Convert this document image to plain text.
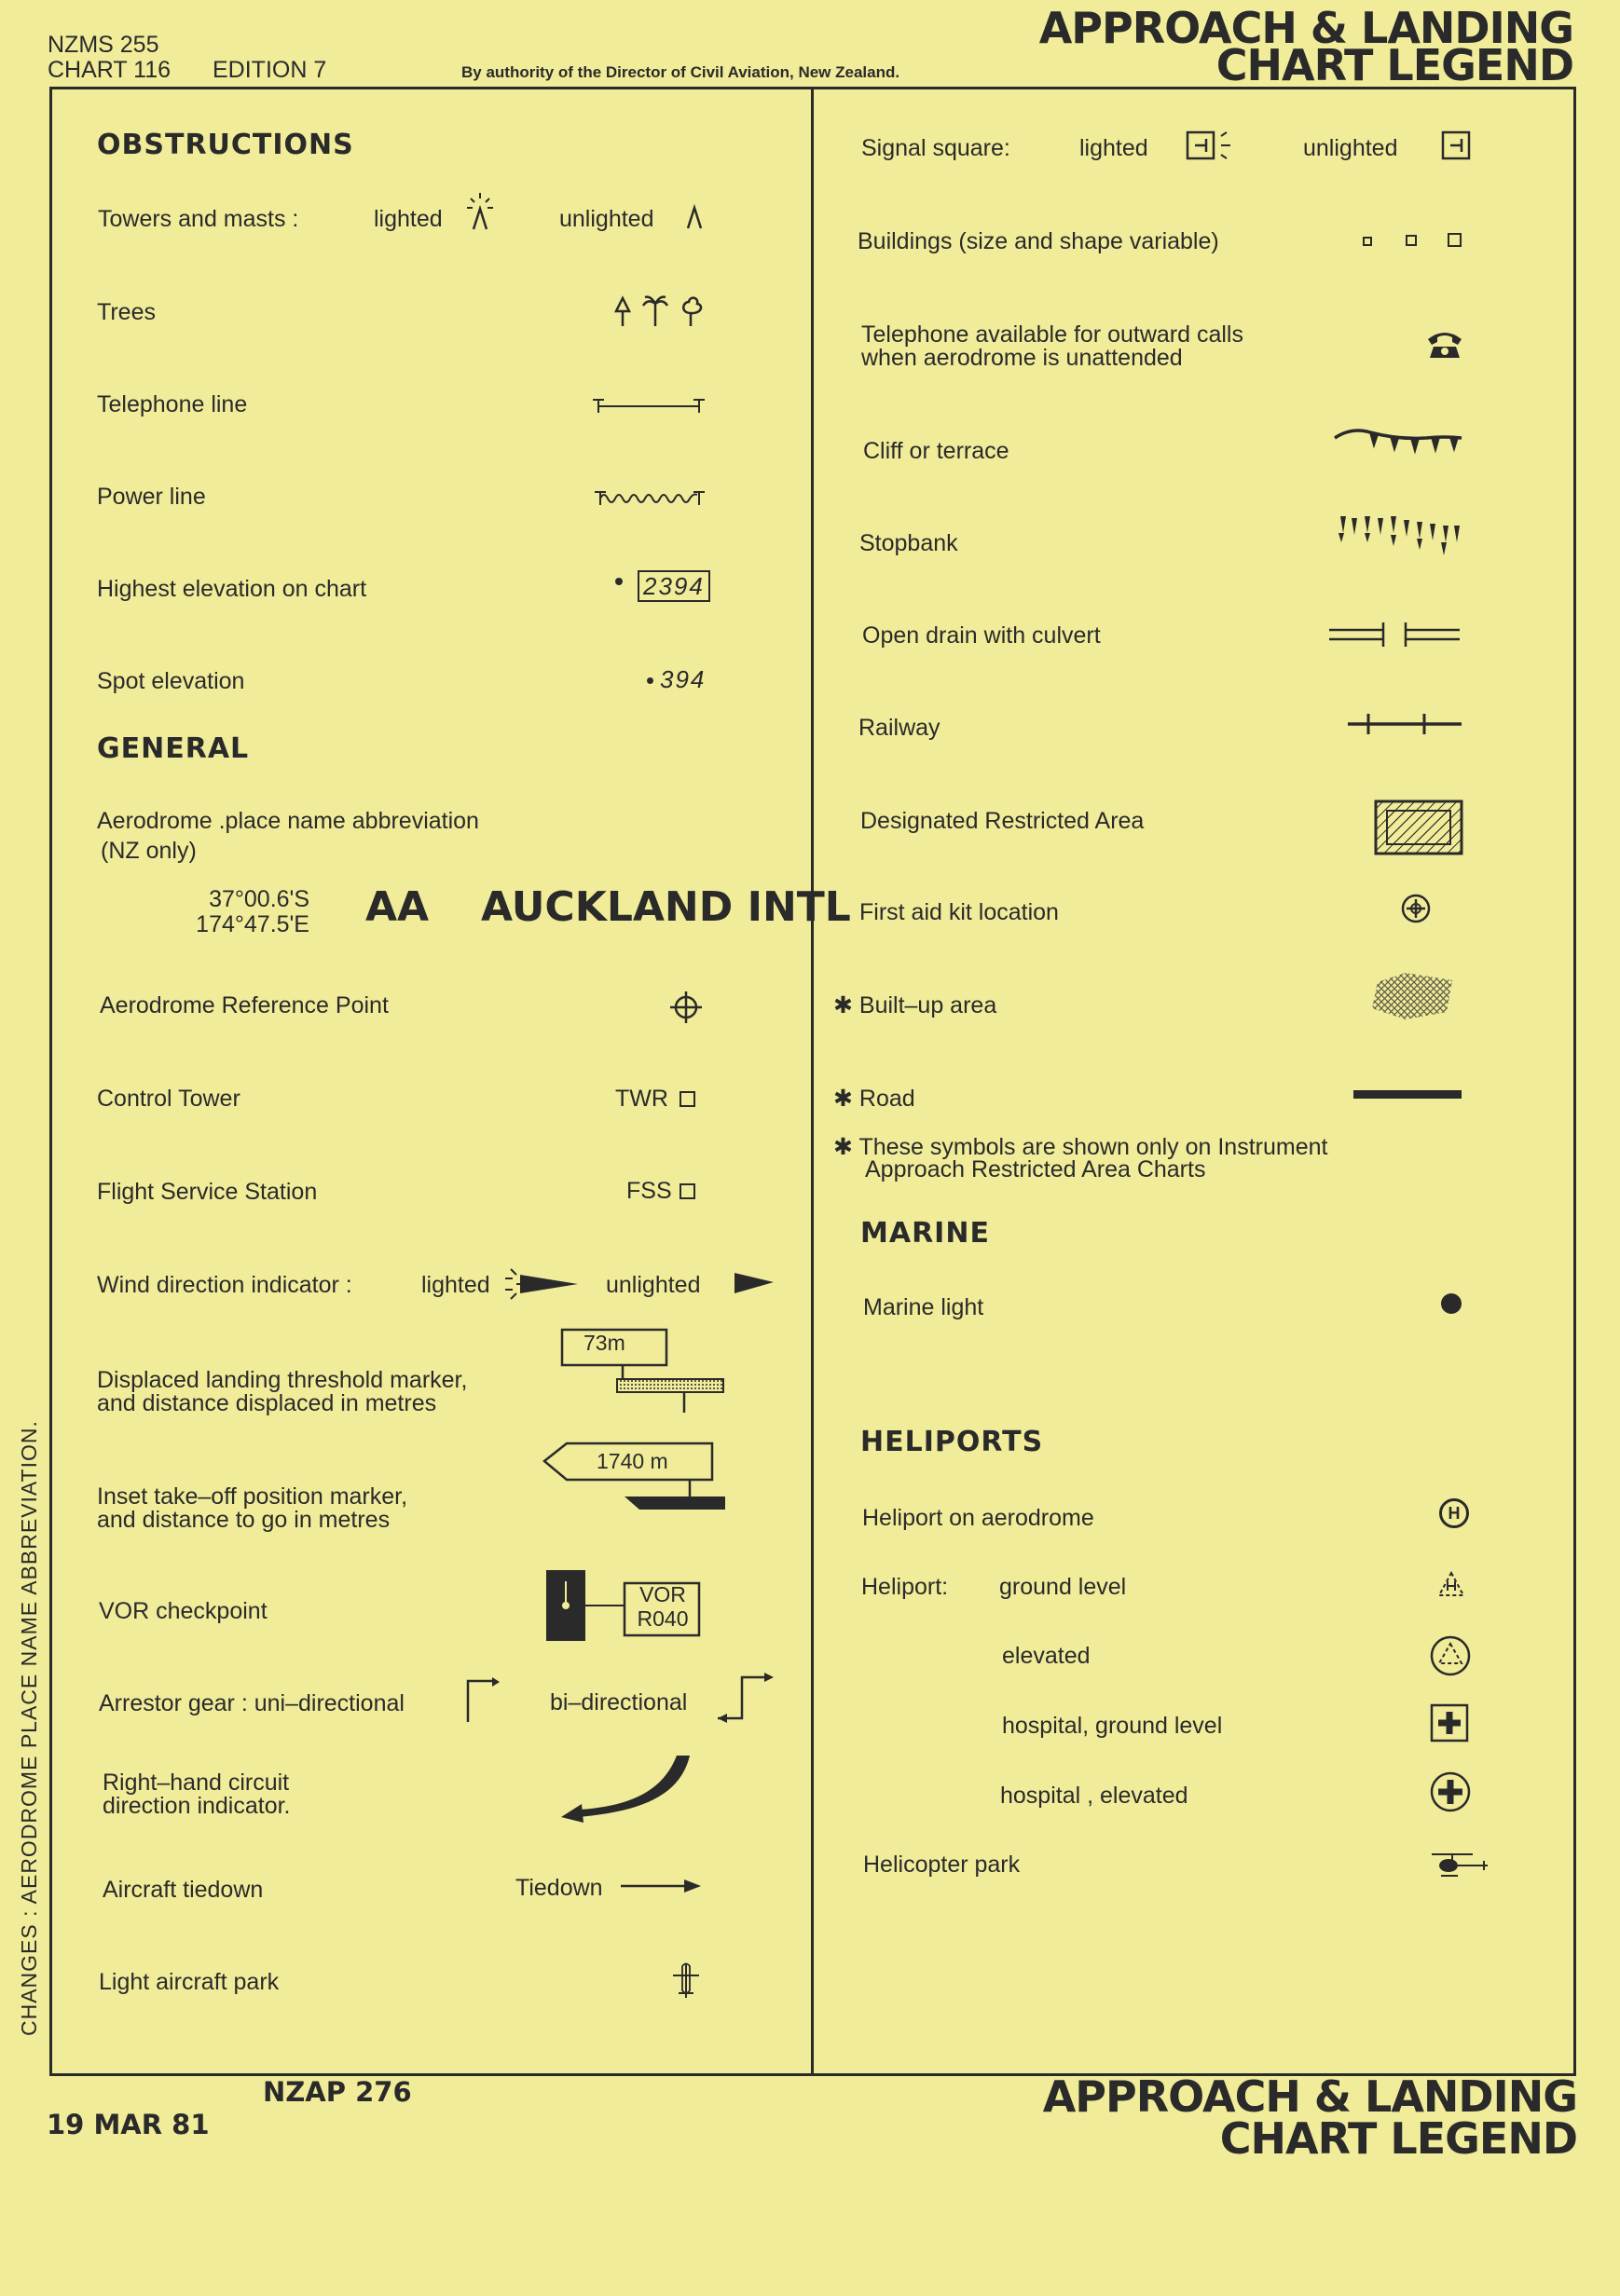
NZMS 255
CHART 116 EDITION 7	By authority of the Director of Civil Aviation, New Zealand.
APPROACH & LANDING
CHART LEGEND
OBSTRUCTIONS
Towers and masts :	lighted	unlighted
Trees
Telephone line
Power line
Highest elevation on chart	2394
Spot elevation	394
GENERAL
Aerodrome .place name abbreviation
(NZ only)
37°00.6'S
174°47.5'E AA AUCKLAND INTL
Aerodrome Reference Point
Control Tower	TWR
Flight Service Station	FSS
Wind direction indicator :	lighted	unlighted
Displaced landing threshold marker,
and distance displaced in metres
73m
Inset take–off position marker,
and distance to go in metres
1740 m
VOR checkpoint
VOR
R040
Arrestor gear : uni–directional	bi–directional
Right–hand circuit
direction indicator.
Aircraft tiedown	Tiedown
Light aircraft park
Signal square:	lighted	unlighted
Buildings (size and shape variable)
Telephone available for outward calls
when aerodrome is unattended
Cliff or terrace
Stopbank
Open drain with culvert
Railway
Designated Restricted Area
First aid kit location
✱ Built–up area
✱ Road
✱ These symbols are shown only on Instrument
Approach Restricted Area Charts
MARINE
Marine light
HELIPORTS
Heliport on aerodrome	H
Heliport: ground level
elevated
hospital, ground level
hospital , elevated
Helicopter park
CHANGES : AERODROME PLACE NAME ABBREVIATION.
NZAP 276
19 MAR 81
APPROACH & LANDING
CHART LEGEND
